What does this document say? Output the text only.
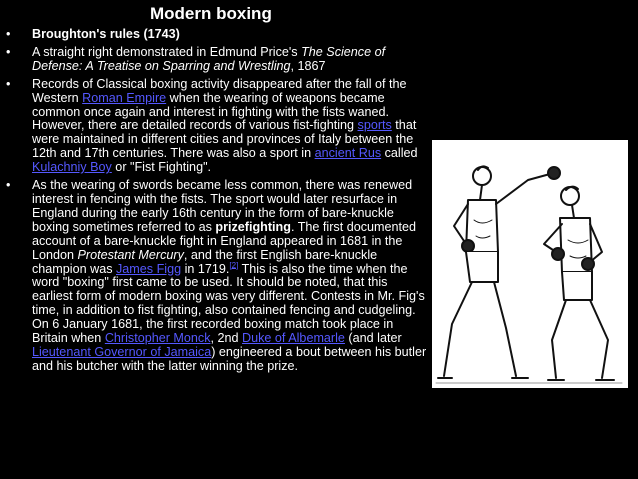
Modern boxing
• Broughton's rules (1743)
• A straight right demonstrated in Edmund Price's The Science of Defense: A Treatise on Sparring and Wrestling, 1867
• Records of Classical boxing activity disappeared after the fall of the Western Roman Empire when the wearing of weapons became common once again and interest in fighting with the fists waned. However, there are detailed records of various fist-fighting sports that were maintained in different cities and provinces of Italy between the 12th and 17th centuries. There was also a sport in ancient Rus called Kulachniy Boy or "Fist Fighting".
• As the wearing of swords became less common, there was renewed interest in fencing with the fists. The sport would later resurface in England during the early 16th century in the form of bare-knuckle boxing sometimes referred to as prizefighting. The first documented account of a bare-knuckle fight in England appeared in 1681 in the London Protestant Mercury, and the first English bare-knuckle champion was James Figg in 1719.[2] This is also the time when the word "boxing" first came to be used. It should be noted, that this earliest form of modern boxing was very different. Contests in Mr. Fig's time, in addition to fist fighting, also contained fencing and cudgeling. On 6 January 1681, the first recorded boxing match took place in Britain when Christopher Monck, 2nd Duke of Albemarle (and later Lieutenant Governor of Jamaica) engineered a bout between his butler and his butcher with the latter winning the prize.
